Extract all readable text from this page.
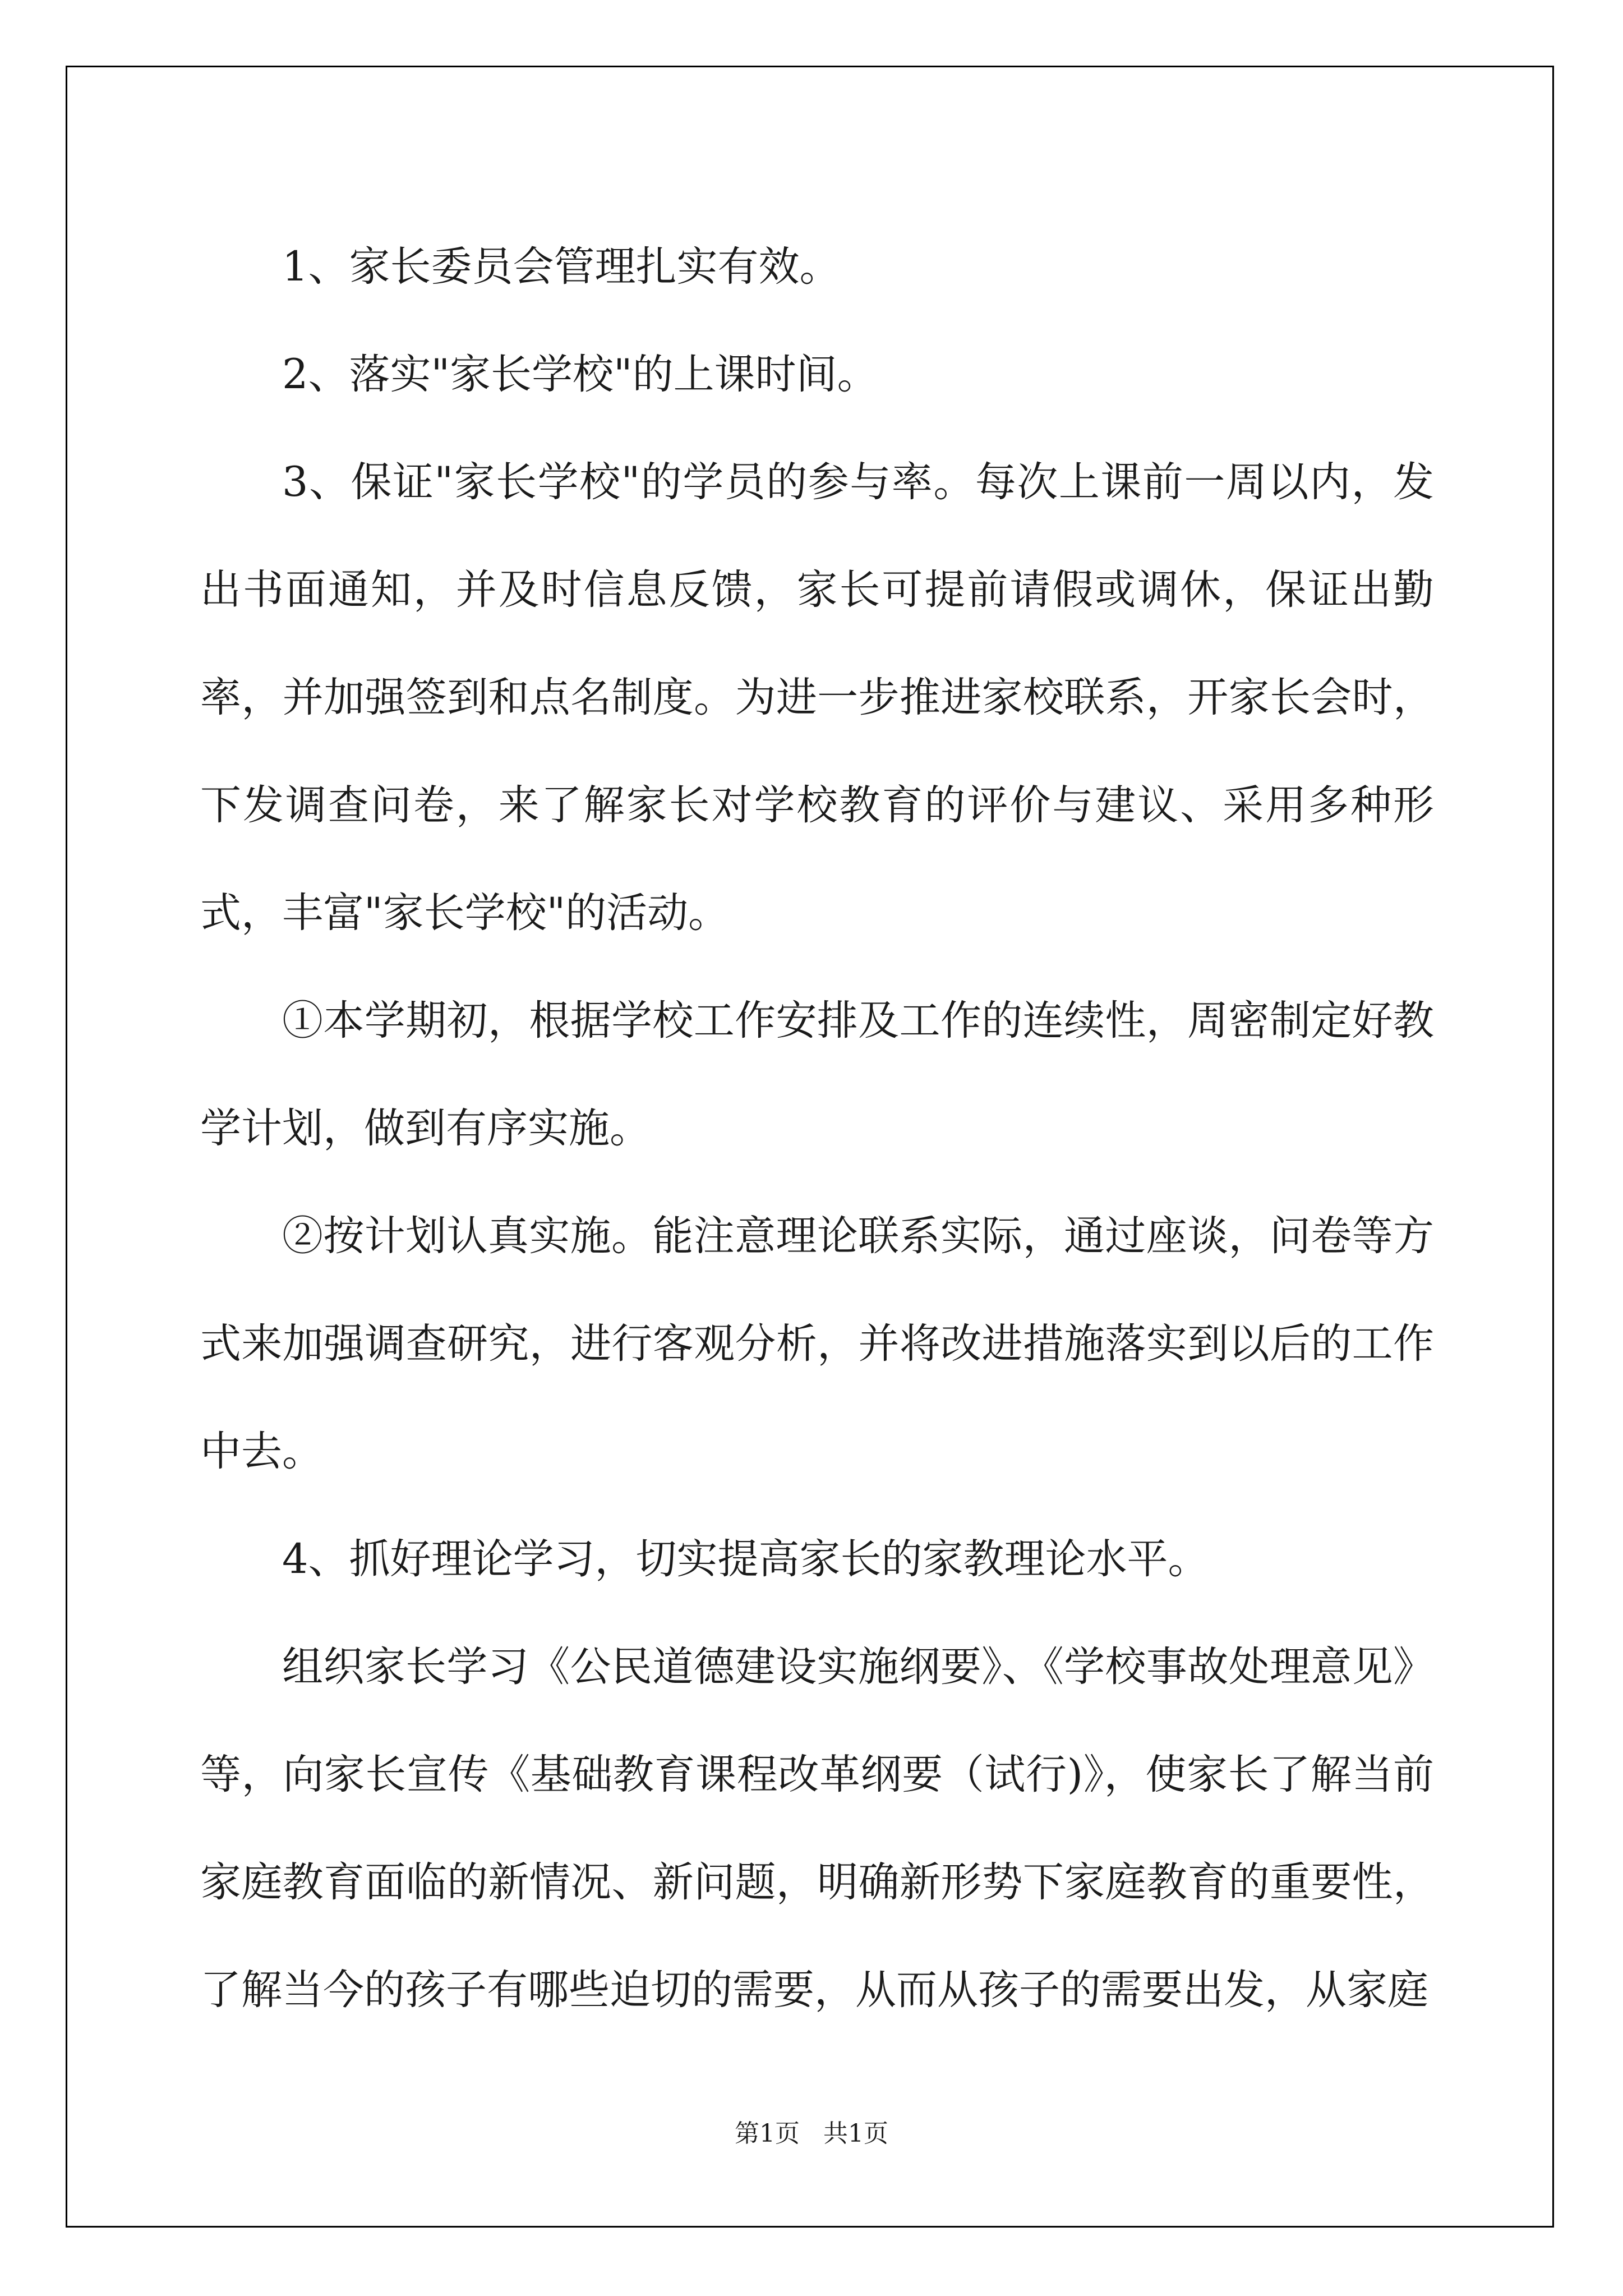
1、家长委员会管理扎实有效。

2、落实"家长学校"的上课时间。

3、保证"家长学校"的学员的参与率。每次上课前一周以内，发出书面通知，并及时信息反馈，家长可提前请假或调休，保证出勤率，并加强签到和点名制度。为进一步推进家校联系，开家长会时，下发调查问卷，来了解家长对学校教育的评价与建议、采用多种形式，丰富"家长学校"的活动。

①本学期初，根据学校工作安排及工作的连续性，周密制定好教学计划，做到有序实施。

②按计划认真实施。能注意理论联系实际，通过座谈，问卷等方式来加强调查研究，进行客观分析，并将改进措施落实到以后的工作中去。

4、抓好理论学习，切实提高家长的家教理论水平。

组织家长学习《公民道德建设实施纲要》、《学校事故处理意见》等，向家长宣传《基础教育课程改革纲要（试行)》，使家长了解当前家庭教育面临的新情况、新问题，明确新形势下家庭教育的重要性，了解当今的孩子有哪些迫切的需要，从而从孩子的需要出发，从家庭

第1页 共1页
